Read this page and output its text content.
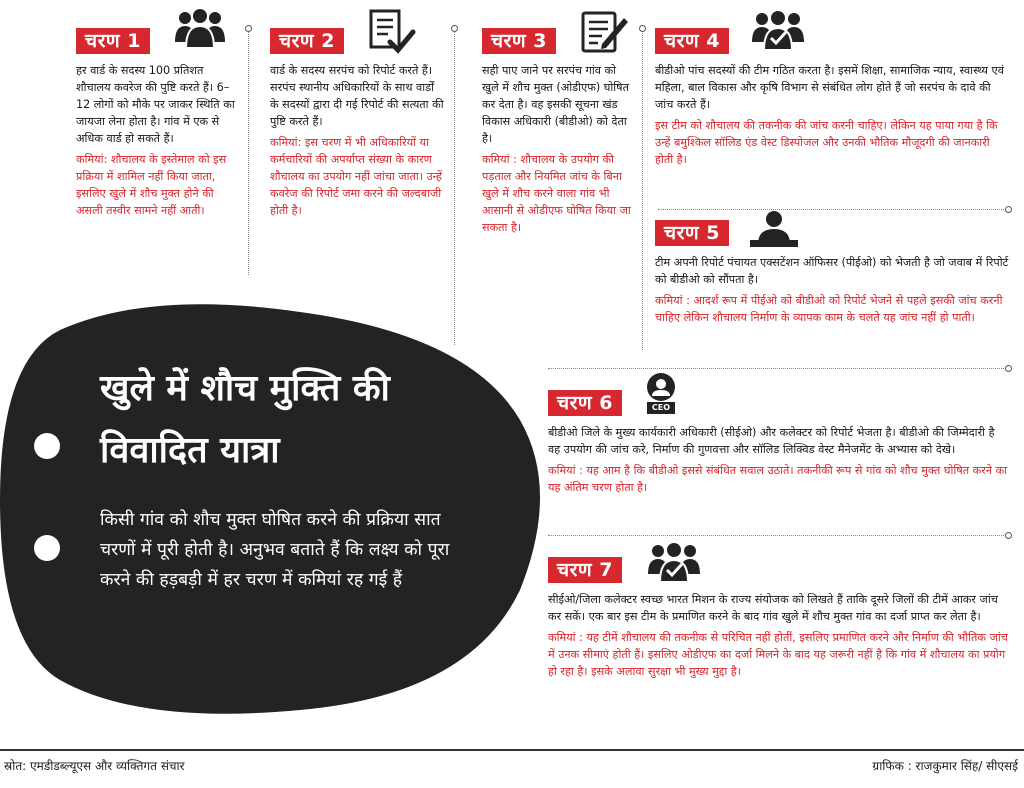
चरण 1

हर वार्ड के सदस्य 100 प्रतिशत शौचालय कवरेज की पुष्टि करते हैं। 6–12 लोगों को मौके पर जाकर स्थिति का जायजा लेना होता है। गांव में एक से अधिक वार्ड हो सकते हैं।

कमियां: शौचालय के इस्तेमाल को इस प्रक्रिया में शामिल नहीं किया जाता, इसलिए खुले में शौच मुक्त होने की असली तस्वीर सामने नहीं आती।

चरण 2

वार्ड के सदस्य सरपंच को रिपोर्ट करते हैं। सरपंच स्थानीय अधिकारियों के साथ वार्डों के सदस्यों द्वारा दी गई रिपोर्ट की सत्यता की पुष्टि करते हैं।

कमियां: इस चरण में भी अधिकारियों या कर्मचारियों की अपर्याप्त संख्या के कारण शौचालय का उपयोग नहीं जांचा जाता। उन्हें कवरेज की रिपोर्ट जमा करने की जल्दबाजी होती है।

चरण 3

सही पाए जाने पर सरपंच गांव को खुले में शौच मुक्त (ओडीएफ) घोषित कर देता है। वह इसकी सूचना खंड विकास अधिकारी (बीडीओ) को देता है।

कमियां : शौचालय के उपयोग की पड़ताल और नियमित जांच के बिना खुले में शौच करने वाला गांव भी आसानी से ओडीएफ घोषित किया जा सकता है।

चरण 4

बीडीओ पांच सदस्यों की टीम गठित करता है। इसमें शिक्षा, सामाजिक न्याय, स्वास्थ्य एवं महिला, बाल विकास और कृषि विभाग से संबंधित लोग होते हैं जो सरपंच के दावे की जांच करते हैं।

इस टीम को शौचालय की तकनीक की जांच करनी चाहिए। लेकिन यह पाया गया है कि उन्हें बमुश्किल सॉलिड एंड वेस्ट डिस्पोजल और उनकी भौतिक मौजूदगी की जानकारी होती है।

चरण 5

टीम अपनी रिपोर्ट पंचायत एक्सटेंशन ऑफिसर (पीईओ) को भेजती है जो जवाब में रिपोर्ट को बीडीओ को सौंपता है।

कमियां : आदर्श रूप में पीईओ को बीडीओ को रिपोर्ट भेजने से पहले इसकी जांच करनी चाहिए लेकिन शौचालय निर्माण के व्यापक काम के चलते यह जांच नहीं हो पाती।

चरण 6

बीडीओ जिले के मुख्य कार्यकारी अधिकारी (सीईओ) और कलेक्टर को रिपोर्ट भेजता है। बीडीओ की जिम्मेदारी है वह उपयोग की जांच करे, निर्माण की गुणवत्ता और सॉलिड लिक्विड वेस्ट मैनेजमेंट के अभ्यास को देखे।

कमियां : यह आम है कि बीडीओ इससे संबंधित सवाल उठाते। तकनीकी रूप से गांव को शौच मुक्त घोषित करने का यह अंतिम चरण होता है।

CEO
चरण 7

सीईओ/जिला कलेक्टर स्वच्छ भारत मिशन के राज्य संयोजक को लिखते हैं ताकि दूसरे जिलों की टीमें आकर जांच कर सकें। एक बार इस टीम के प्रमाणित करने के बाद गांव खुले में शौच मुक्त गांव का दर्जा प्राप्त कर लेता है।

कमियां : यह टीमें शौचालय की तकनीक से परिचित नहीं होतीं, इसलिए प्रमाणित करने और निर्माण की भौतिक जांच में उनक सीमाएं होती हैं। इसलिए ओडीएफ का दर्जा मिलने के बाद यह जरूरी नहीं है कि गांव में शौचालय का प्रयोग हो रहा है। इसके अलावा सुरक्षा भी मुख्य मुद्दा है।

खुले में शौच मुक्ति की विवादित यात्रा

किसी गांव को शौच मुक्त घोषित करने की प्रक्रिया सात चरणों में पूरी होती है। अनुभव बताते हैं कि लक्ष्य को पूरा करने की हड़बड़ी में हर चरण में कमियां रह गई हैं

स्रोत: एमडीडब्ल्यूएस और व्यक्तिगत संचार	ग्राफिक : राजकुमार सिंह/ सीएसई
